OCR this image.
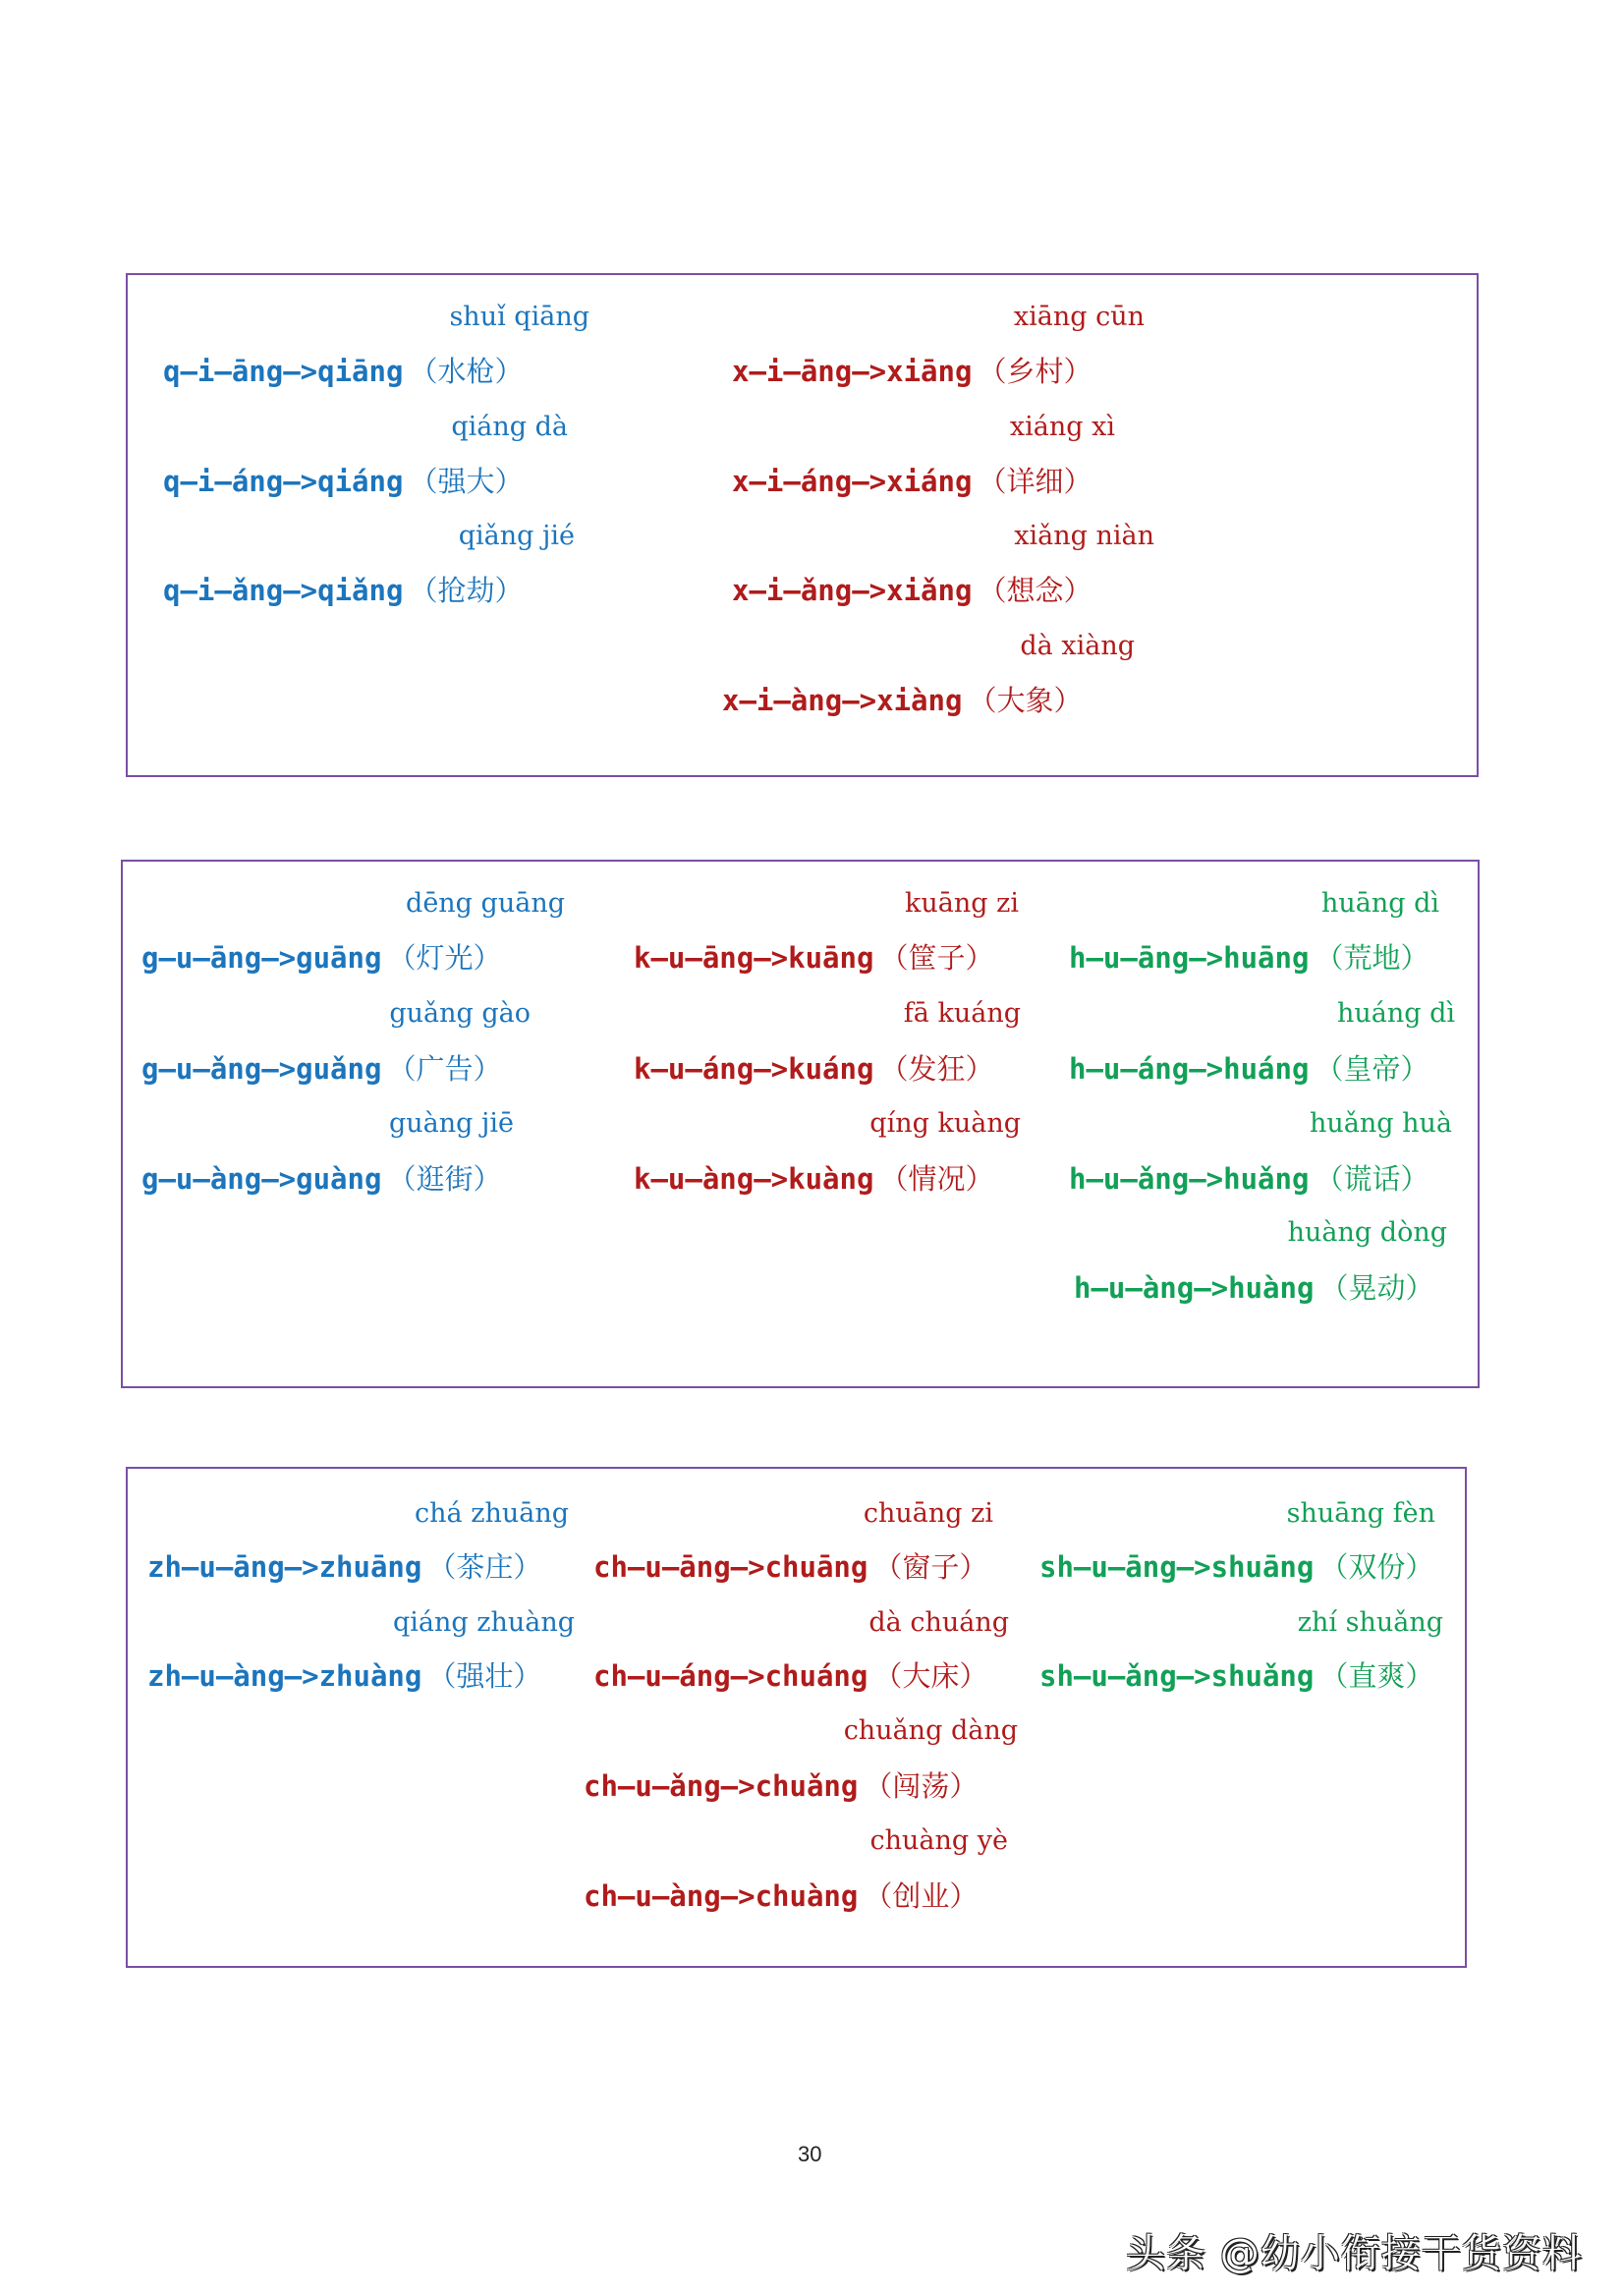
shuǐ qiāng
q—i—āng—>qiāng （水枪）
qiáng dà
q—i—áng—>qiáng （强大）
qiǎng jié
q—i—ǎng—>qiǎng （抢劫）
xiāng cūn
x—i—āng—>xiāng （乡村）
xiáng xì
x—i—áng—>xiáng （详细）
xiǎng niàn
x—i—ǎng—>xiǎng （想念）
dà xiàng
x—i—àng—>xiàng （大象）
dēng guāng
g—u—āng—>guāng （灯光）
guǎng gào
g—u—ǎng—>guǎng （广告）
guàng jiē
g—u—àng—>guàng （逛街）
kuāng zi
k—u—āng—>kuāng （筐子）
fā kuáng
k—u—áng—>kuáng （发狂）
qíng kuàng
k—u—àng—>kuàng （情况）
huāng dì
h—u—āng—>huāng （荒地）
huáng dì
h—u—áng—>huáng （皇帝）
huǎng huà
h—u—ǎng—>huǎng （谎话）
huàng dòng
h—u—àng—>huàng （晃动）
chá zhuāng
zh—u—āng—>zhuāng （茶庄）
qiáng zhuàng
zh—u—àng—>zhuàng （强壮）
chuāng zi
ch—u—āng—>chuāng （窗子）
dà chuáng
ch—u—áng—>chuáng （大床）
chuǎng dàng
ch—u—ǎng—>chuǎng （闯荡）
chuàng yè
ch—u—àng—>chuàng （创业）
shuāng fèn
sh—u—āng—>shuāng （双份）
zhí shuǎng
sh—u—ǎng—>shuǎng （直爽）
30
头条 @幼小衔接干货资料
